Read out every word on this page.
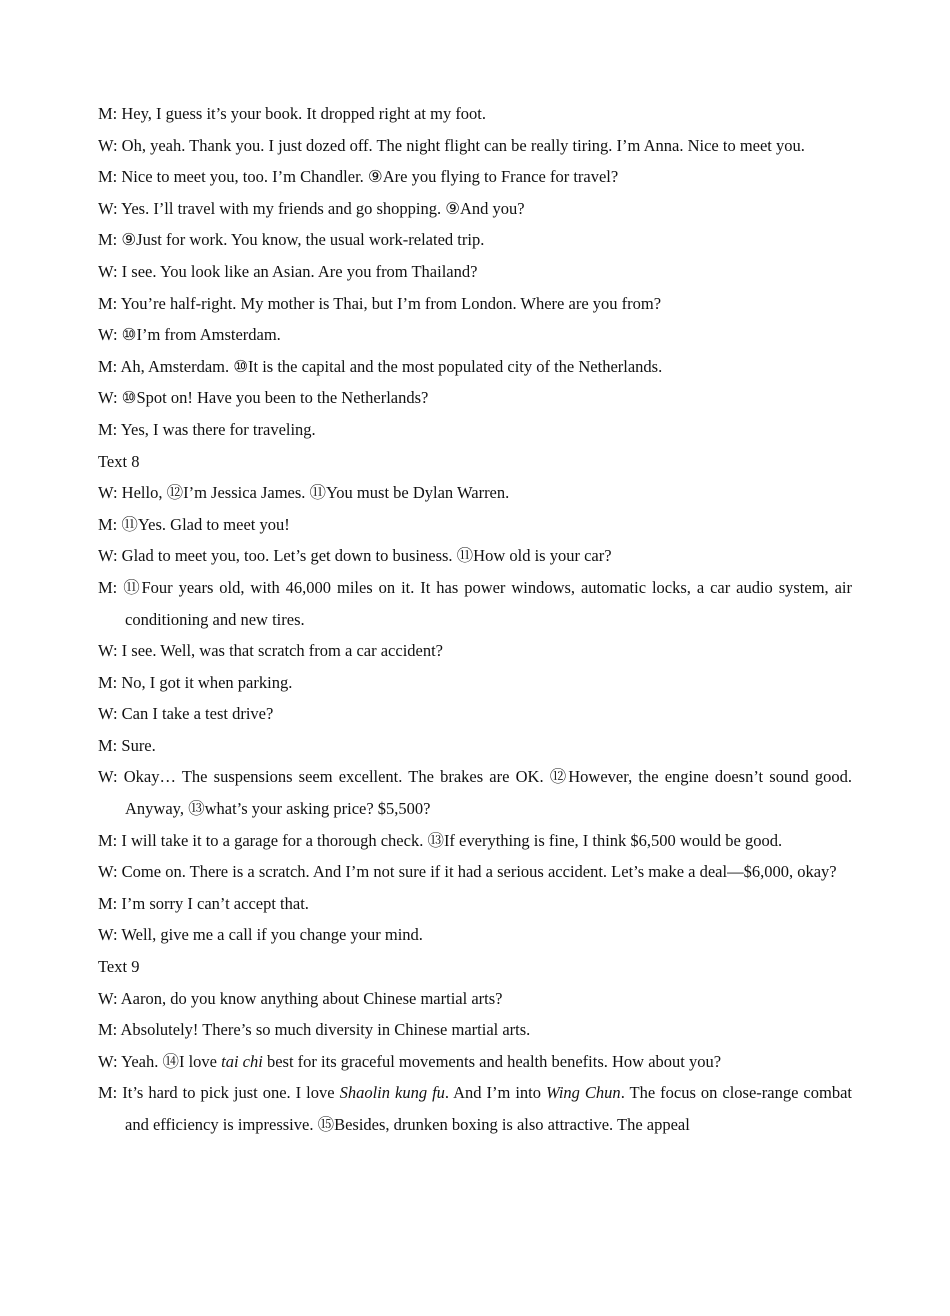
M: Hey, I guess it’s your book. It dropped right at my foot.

W: Oh, yeah. Thank you. I just dozed off. The night flight can be really tiring. I’m Anna. Nice to meet you.

M: Nice to meet you, too. I’m Chandler. ⑨Are you flying to France for travel?

W: Yes. I’ll travel with my friends and go shopping. ⑨And you?

M: ⑨Just for work. You know, the usual work-related trip.

W: I see. You look like an Asian. Are you from Thailand?

M: You’re half-right. My mother is Thai, but I’m from London. Where are you from?

W: ⑩I’m from Amsterdam.

M: Ah, Amsterdam. ⑩It is the capital and the most populated city of the Netherlands.

W: ⑩Spot on! Have you been to the Netherlands?

M: Yes, I was there for traveling.

Text 8

W: Hello, ⑫I’m Jessica James. ⑪You must be Dylan Warren.

M: ⑪Yes. Glad to meet you!

W: Glad to meet you, too. Let’s get down to business. ⑪How old is your car?

M: ⑪Four years old, with 46,000 miles on it. It has power windows, automatic locks, a car audio system, air conditioning and new tires.

W: I see. Well, was that scratch from a car accident?

M: No, I got it when parking.

W: Can I take a test drive?

M: Sure.

W: Okay… The suspensions seem excellent. The brakes are OK. ⑫However, the engine doesn’t sound good. Anyway, ⑬what’s your asking price? $5,500?

M: I will take it to a garage for a thorough check. ⑬If everything is fine, I think $6,500 would be good.

W: Come on. There is a scratch. And I’m not sure if it had a serious accident. Let’s make a deal—$6,000, okay?

M: I’m sorry I can’t accept that.

W: Well, give me a call if you change your mind.

Text 9

W: Aaron, do you know anything about Chinese martial arts?

M: Absolutely! There’s so much diversity in Chinese martial arts.

W: Yeah. ⑭I love tai chi best for its graceful movements and health benefits. How about you?

M: It’s hard to pick just one. I love Shaolin kung fu. And I’m into Wing Chun. The focus on close-range combat and efficiency is impressive. ⑮Besides, drunken boxing is also attractive. The appeal
